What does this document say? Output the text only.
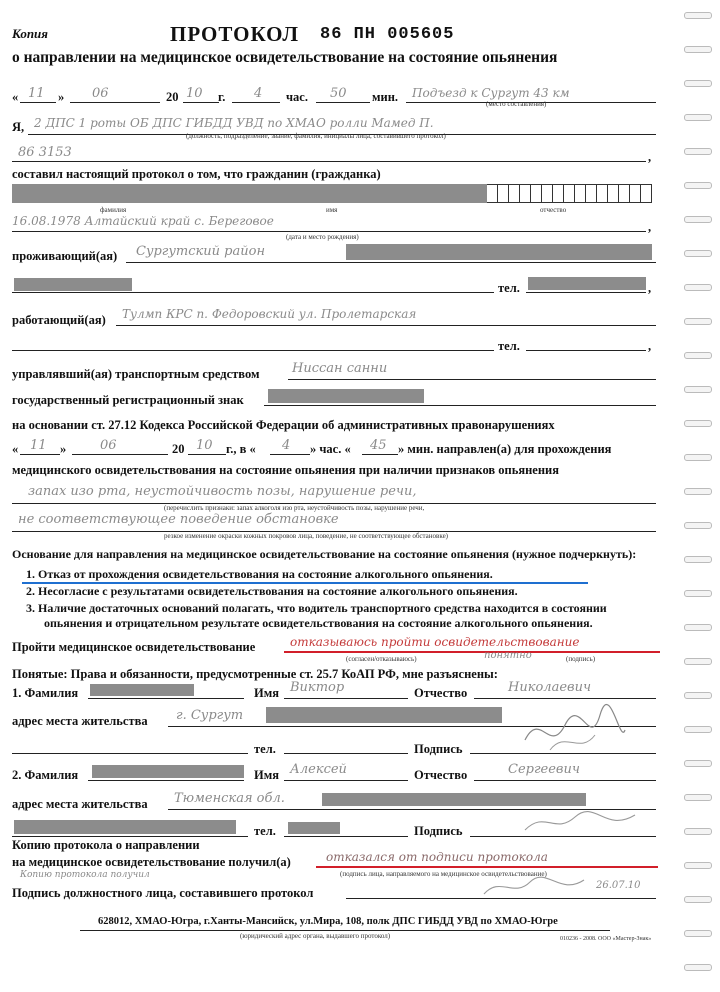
Копия	ПРОТОКОЛ 86 ПН 005605
о направлении на медицинское освидетельствование на состояние опьянения
« 11 » 06	20 10 г. 4 час. 50 мин. Подъезд к Сургут 43 км
(место составления)
Я, 2 ДПС 1 роты ОБ ДПС ГИБДД УВД по ХМАО ролли Мамед П.
(должность, подразделение, звание, фамилия, инициалы лица, составившего протокол)
86 3153	,
составил настоящий протокол о том, что гражданин (гражданка)
фамилия	имя	отчество
16.08.1978 Алтайский край с. Береговое	,
(дата и место рождения)
проживающий(ая) Сургутский район
тел.	,
работающий(ая) Тулмп КРС п. Федоровский ул. Пролетарская
тел.	,
управлявший(ая) транспортным средством	Ниссан санни
государственный регистрационный знак
на основании ст. 27.12 Кодекса Российской Федерации об административных правонарушениях
« 11 »	06	20 10 г., в « 4 » час. « 45 » мин. направлен(а) для прохождения
медицинского освидетельствования на состояние опьянения при наличии признаков опьянения
запах изо рта, неустойчивость позы, нарушение речи,
(перечислить признаки: запах алкоголя изо рта, неустойчивость позы, нарушение речи,
не соответствующее поведение обстановке
резкое изменение окраски кожных покровов лица, поведение, не соответствующее обстановке)
Основание для направления на медицинское освидетельствование на состояние опьянения (нужное подчеркнуть):
1. Отказ от прохождения освидетельствования на состояние алкогольного опьянения.
2. Несогласие с результатами освидетельствования на состояние алкогольного опьянения.
3. Наличие достаточных оснований полагать, что водитель транспортного средства находится в состоянии
опьянения и отрицательном результате освидетельствования на состояние алкогольного опьянения.
Пройти медицинское освидетельствование	отказываюсь пройти освидетельствование
(согласен/отказываюсь)	понятно	(подпись)
Понятые: Права и обязанности, предусмотренные ст. 25.7 КоАП РФ, мне разъяснены:
1. Фамилия	Имя Виктор	Отчество	Николаевич
адрес места жительства г. Сургут
тел.	Подпись
2. Фамилия	Имя Алексей	Отчество	Сергеевич
адрес места жительства Тюменская обл.
тел.	Подпись
Копию протокола о направлении
на медицинское освидетельствование получил(а)	отказался от подписи протокола
(подпись лица, направляемого на медицинское освидетельствование)
Копию протокола получил
Подпись должностного лица, составившего протокол
26.07.10
628012, ХМАО-Югра, г.Ханты-Мансийск, ул.Мира, 108, полк ДПС ГИБДД УВД по ХМАО-Югре
(юридический адрес органа, выдавшего протокол)	010236 - 2008. ООО «Мастер-Знак»
